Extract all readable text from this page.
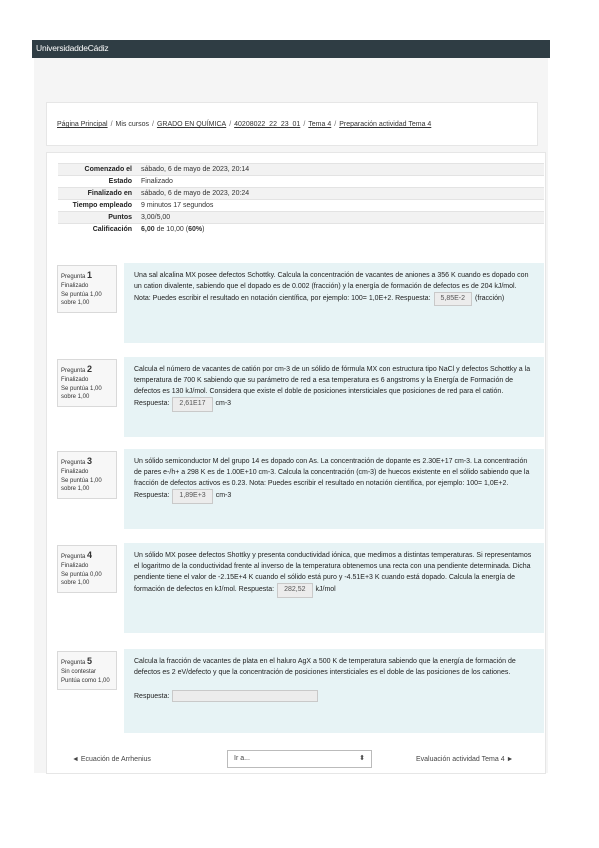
UniversidaddeCádiz
Página Principal / Mis cursos / GRADO EN QUÍMICA / 40208022_22_23_01 / Tema 4 / Preparación actividad Tema 4
Comenzado el	sábado, 6 de mayo de 2023, 20:14
Estado	Finalizado
Finalizado en	sábado, 6 de mayo de 2023, 20:24
Tiempo empleado	9 minutos 17 segundos
Puntos	3,00/5,00
Calificación	6,00 de 10,00 (60%)
Pregunta 1
Finalizado
Se puntúa 1,00 sobre 1,00
Una sal alcalina MX posee defectos Schottky. Calcula la concentración de vacantes de aniones a 356 K cuando es dopado con un cation divalente, sabiendo que el dopado es de 0.002 (fracción) y la energía de formación de defectos es de 204 kJ/mol. Nota: Puedes escribir el resultado en notación científica, por ejemplo: 100= 1,0E+2. Respuesta: 5,85E-2 (fracción)
Pregunta 2
Finalizado
Se puntúa 1,00 sobre 1,00
Calcula el número de vacantes de catión por cm-3 de un sólido de fórmula MX con estructura tipo NaCl y defectos Schottky a la temperatura de 700 K sabiendo que su parámetro de red a esa temperatura es 6 angstroms y la Energía de Formación de defectos es 130 kJ/mol. Considera que existe el doble de posiciones intersticiales que posiciones de red para el catión. Respuesta: 2,61E17 cm-3
Pregunta 3
Finalizado
Se puntúa 1,00 sobre 1,00
Un sólido semiconductor M del grupo 14 es dopado con As. La concentración de dopante es 2.30E+17 cm-3. La concentración de pares e-/h+ a 298 K es de 1.00E+10 cm-3. Calcula la concentración (cm-3) de huecos existente en el sólido sabiendo que la fracción de defectos activos es 0.23. Nota: Puedes escribir el resultado en notación científica, por ejemplo: 100= 1,0E+2. Respuesta: 1,89E+3 cm-3
Pregunta 4
Finalizado
Se puntúa 0,00 sobre 1,00
Un sólido MX posee defectos Shottky y presenta conductividad iónica, que medimos a distintas temperaturas. Si representamos el logaritmo de la conductividad frente al inverso de la temperatura obtenemos una recta con una pendiente determinada. Dicha pendiente tiene el valor de -2.15E+4 K cuando el sólido está puro y -4.51E+3 K cuando está dopado. Calcula la energía de formación de defectos en kJ/mol. Respuesta: 282,52 kJ/mol
Pregunta 5
Sin contestar
Puntúa como 1,00
Calcula la fracción de vacantes de plata en el haluro AgX a 500 K de temperatura sabiendo que la energía de formación de defectos es 2 eV/defecto y que la concentración de posiciones intersticiales es el doble de las posiciones de los cationes.
Respuesta:
◄ Ecuación de Arrhenius	Ir a...	⬍	Evaluación actividad Tema 4 ►
